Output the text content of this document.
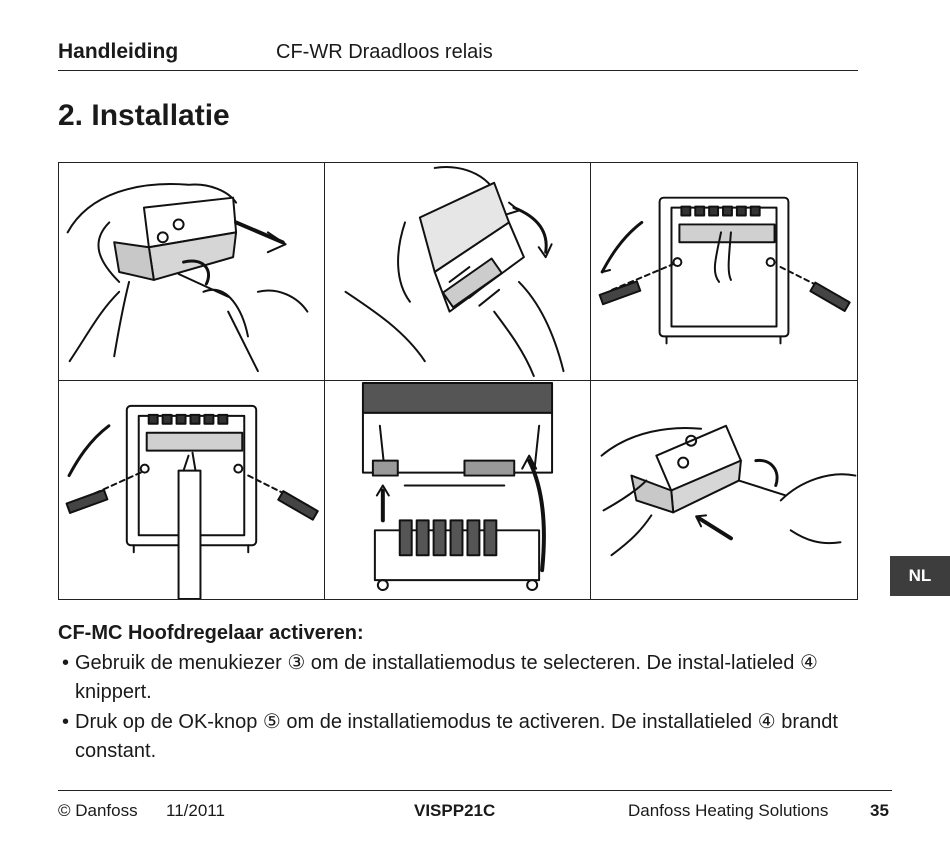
Handleiding	CF-WR Draadloos relais
2. Installatie
NL

CF-MC Hoofdregelaar activeren:

• Gebruik de menukiezer ③ om de installatiemodus te selecteren. De instal-latieled ④ knippert.
• Druk op de OK-knop ⑤ om de installatiemodus te activeren. De installatieled ④ brandt constant.
© Danfoss 11/2011	VISPP21C	Danfoss Heating Solutions 35
